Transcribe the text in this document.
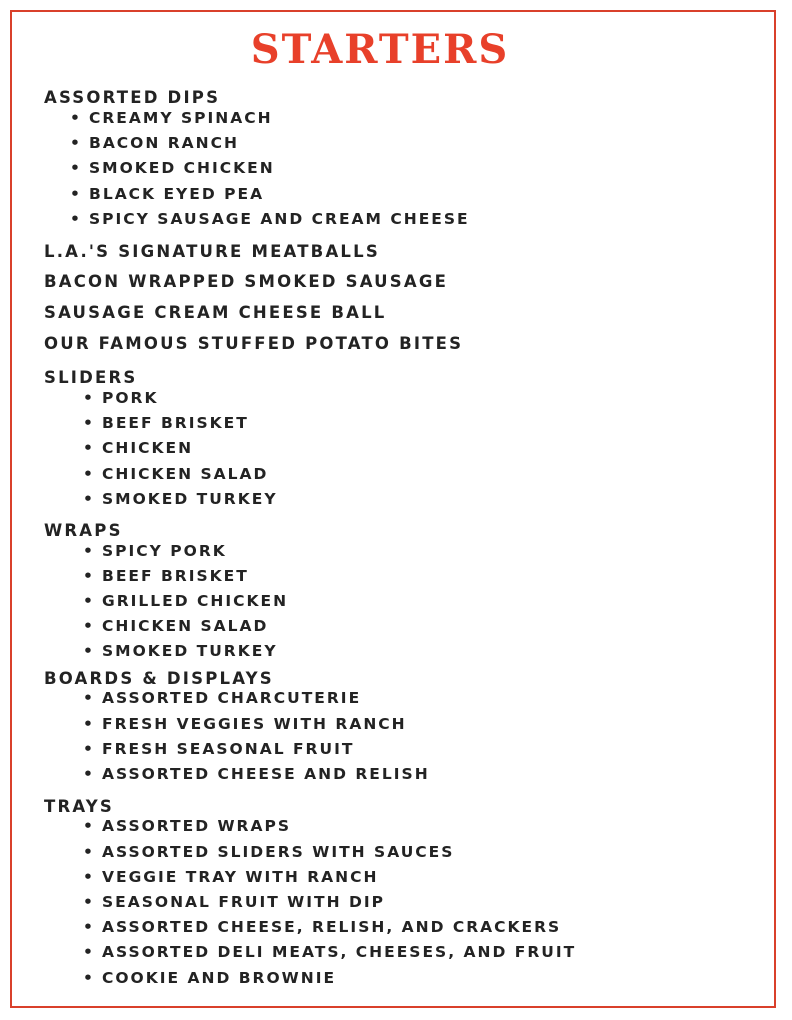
STARTERS

ASSORTED DIPS

• CREAMY SPINACH

• BACON RANCH

• SMOKED CHICKEN

• BLACK EYED PEA

• SPICY SAUSAGE AND CREAM CHEESE

L.A.'S SIGNATURE MEATBALLS

BACON WRAPPED SMOKED SAUSAGE

SAUSAGE CREAM CHEESE BALL

OUR FAMOUS STUFFED POTATO BITES

SLIDERS

• PORK

• BEEF BRISKET

• CHICKEN

• CHICKEN SALAD

• SMOKED TURKEY

WRAPS

• SPICY PORK

• BEEF BRISKET

• GRILLED CHICKEN

• CHICKEN SALAD

• SMOKED TURKEY

BOARDS & DISPLAYS

• ASSORTED CHARCUTERIE

• FRESH VEGGIES WITH RANCH

• FRESH SEASONAL FRUIT

• ASSORTED CHEESE AND RELISH

TRAYS

• ASSORTED WRAPS

• ASSORTED SLIDERS WITH SAUCES

• VEGGIE TRAY WITH RANCH

• SEASONAL FRUIT WITH DIP

• ASSORTED CHEESE, RELISH, AND CRACKERS

• ASSORTED DELI MEATS, CHEESES, AND FRUIT

• COOKIE AND BROWNIE
